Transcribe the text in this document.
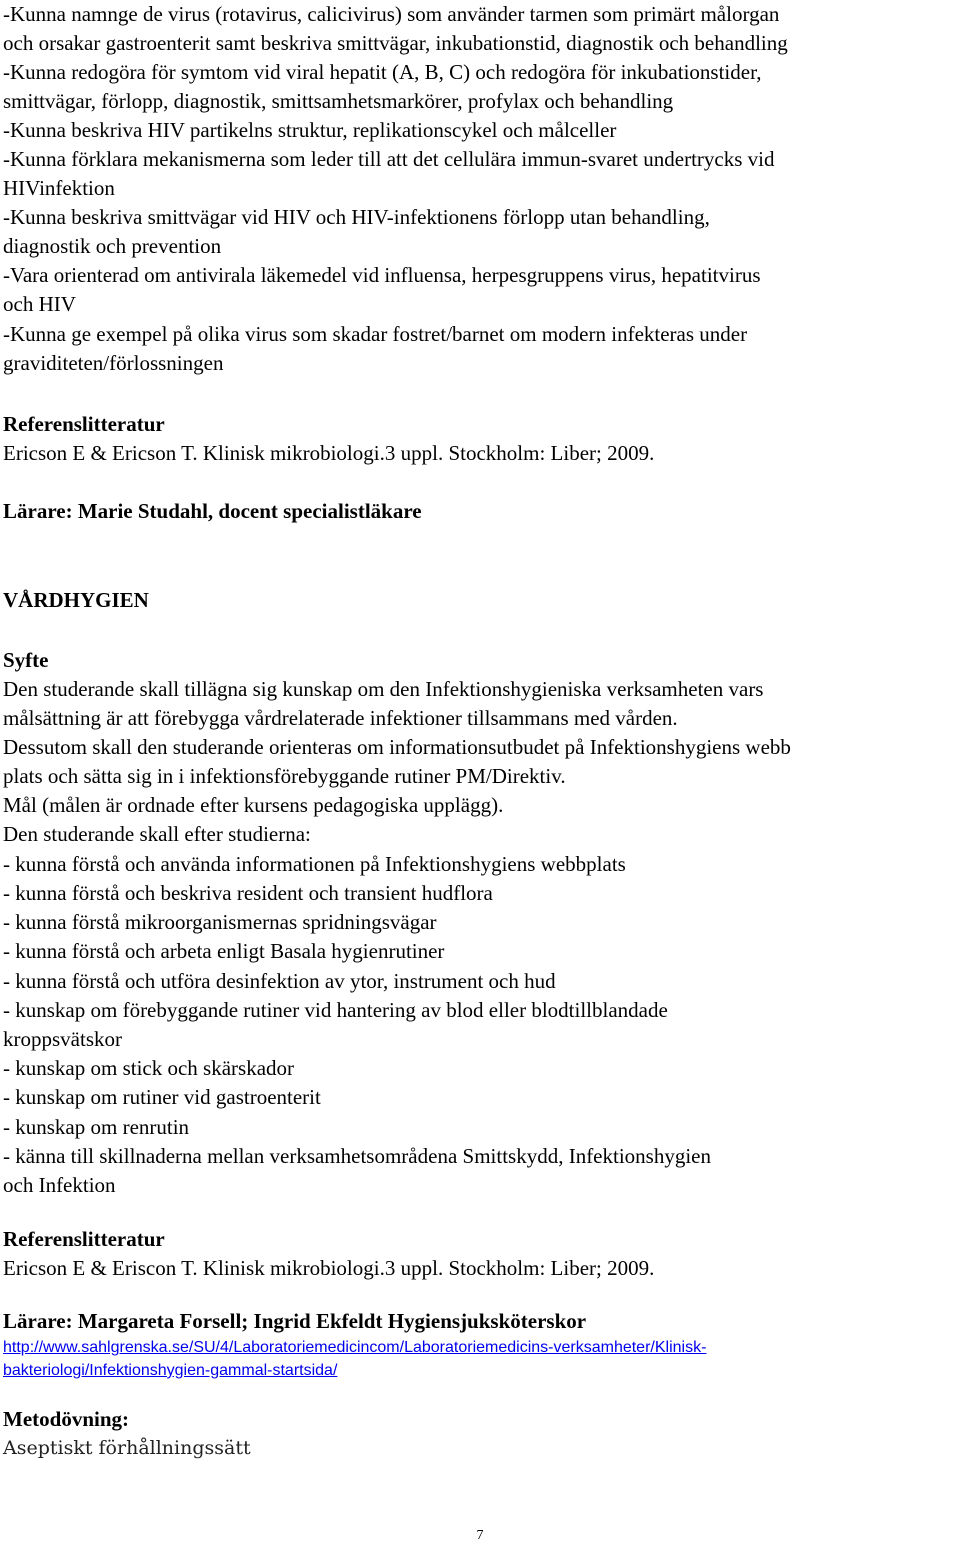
-Kunna namnge de virus (rotavirus, calicivirus) som använder tarmen som primärt målorgan
och orsakar gastroenterit samt beskriva smittvägar, inkubationstid, diagnostik och behandling
-Kunna redogöra för symtom vid viral hepatit (A, B, C) och redogöra för inkubationstider,
smittvägar, förlopp, diagnostik, smittsamhetsmarkörer, profylax och behandling
-Kunna beskriva HIV partikelns struktur, replikationscykel och målceller
-Kunna förklara mekanismerna som leder till att det cellulära immun-svaret undertrycks vid
HIVinfektion
-Kunna beskriva smittvägar vid HIV och HIV-infektionens förlopp utan behandling,
diagnostik och prevention
-Vara orienterad om antivirala läkemedel vid influensa, herpesgruppens virus, hepatitvirus
och HIV
-Kunna ge exempel på olika virus som skadar fostret/barnet om modern infekteras under
graviditeten/förlossningen
Referenslitteratur
Ericson E & Ericson T. Klinisk mikrobiologi.3 uppl. Stockholm: Liber; 2009.
Lärare: Marie Studahl, docent specialistläkare
VÅRDHYGIEN
Syfte
Den studerande skall tillägna sig kunskap om den Infektionshygieniska verksamheten vars
målsättning är att förebygga vårdrelaterade infektioner tillsammans med vården.
Dessutom skall den studerande orienteras om informationsutbudet på Infektionshygiens webb
plats och sätta sig in i infektionsförebyggande rutiner PM/Direktiv.
Mål (målen är ordnade efter kursens pedagogiska upplägg).
Den studerande skall efter studierna:
- kunna förstå och använda informationen på Infektionshygiens webbplats
- kunna förstå och beskriva resident och transient hudflora
- kunna förstå mikroorganismernas spridningsvägar
- kunna förstå och arbeta enligt Basala hygienrutiner
- kunna förstå och utföra desinfektion av ytor, instrument och hud
- kunskap om förebyggande rutiner vid hantering av blod eller blodtillblandade
kroppsvätskor
- kunskap om stick och skärskador
- kunskap om rutiner vid gastroenterit
- kunskap om renrutin
- känna till skillnaderna mellan verksamhetsområdena Smittskydd, Infektionshygien
och Infektion
Referenslitteratur
Ericson E & Eriscon T. Klinisk mikrobiologi.3 uppl. Stockholm: Liber; 2009.
Lärare: Margareta Forsell; Ingrid Ekfeldt Hygiensjuksköterskor
http://www.sahlgrenska.se/SU/4/Laboratoriemedicincom/Laboratoriemedicins-verksamheter/Klinisk-
bakteriologi/Infektionshygien-gammal-startsida/
Metodövning:
Aseptiskt förhållningssätt
7
